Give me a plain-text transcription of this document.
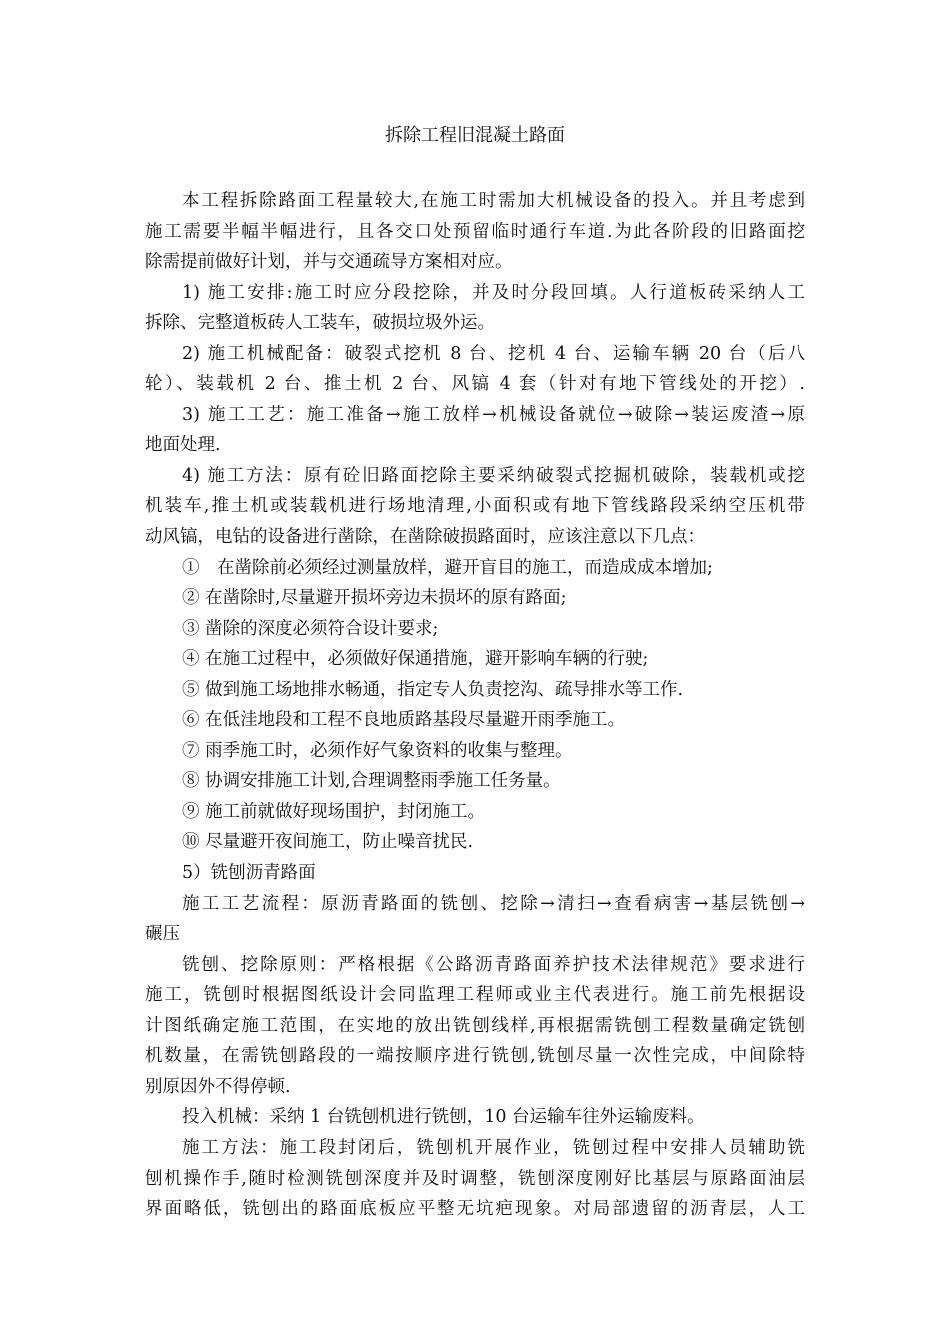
拆除工程旧混凝土路面
本工程拆除路面工程量较大,在施工时需加大机械设备的投入。并且考虑到
施工需要半幅半幅进行，且各交口处预留临时通行车道.为此各阶段的旧路面挖
除需提前做好计划，并与交通疏导方案相对应。
1) 施工安排:施工时应分段挖除，并及时分段回填。人行道板砖采纳人工
拆除、完整道板砖人工装车，破损垃圾外运。
2) 施工机械配备：破裂式挖机 8 台、挖机 4 台、运输车辆 20 台（后八
轮）、装载机 2 台、推土机 2 台、风镐 4 套（针对有地下管线处的开挖）.
3) 施工工艺：施工准备→施工放样→机械设备就位→破除→装运废渣→原
地面处理.
4) 施工方法：原有砼旧路面挖除主要采纳破裂式挖掘机破除，装载机或挖
机装车,推土机或装载机进行场地清理,小面积或有地下管线路段采纳空压机带
动风镐，电钻的设备进行凿除，在凿除破损路面时，应该注意以下几点：
①　在凿除前必须经过测量放样，避开盲目的施工，而造成成本增加;
② 在凿除时,尽量避开损坏旁边未损坏的原有路面;
③ 凿除的深度必须符合设计要求;
④ 在施工过程中，必须做好保通措施，避开影响车辆的行驶;
⑤ 做到施工场地排水畅通，指定专人负责挖沟、疏导排水等工作.
⑥ 在低洼地段和工程不良地质路基段尽量避开雨季施工。
⑦ 雨季施工时，必须作好气象资料的收集与整理。
⑧ 协调安排施工计划,合理调整雨季施工任务量。
⑨ 施工前就做好现场围护，封闭施工。
⑩ 尽量避开夜间施工，防止噪音扰民.
5）铣刨沥青路面
施工工艺流程：原沥青路面的铣刨、挖除→清扫→查看病害→基层铣刨→
碾压
铣刨、挖除原则：严格根据《公路沥青路面养护技术法律规范》要求进行
施工，铣刨时根据图纸设计会同监理工程师或业主代表进行。施工前先根据设
计图纸确定施工范围，在实地的放出铣刨线样,再根据需铣刨工程数量确定铣刨
机数量，在需铣刨路段的一端按顺序进行铣刨,铣刨尽量一次性完成，中间除特
别原因外不得停顿.
投入机械：采纳 1 台铣刨机进行铣刨，10 台运输车往外运输废料。
施工方法：施工段封闭后，铣刨机开展作业，铣刨过程中安排人员辅助铣
刨机操作手,随时检测铣刨深度并及时调整，铣刨深度刚好比基层与原路面油层
界面略低，铣刨出的路面底板应平整无坑疤现象。对局部遗留的沥青层，人工
